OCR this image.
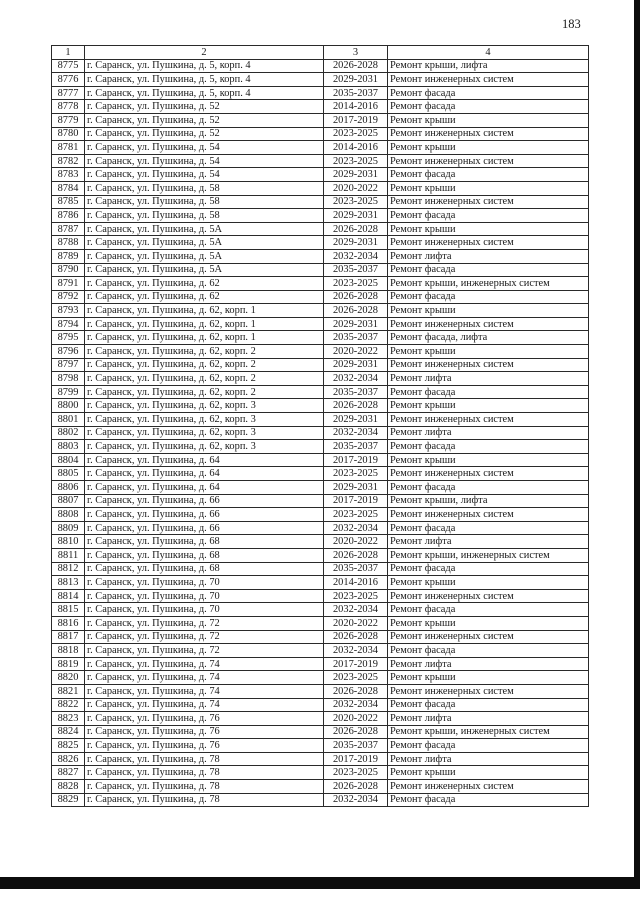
183
1	2	3	4
8775	г. Саранск, ул. Пушкина, д. 5, корп. 4	2026-2028	Ремонт крыши, лифта
8776	г. Саранск, ул. Пушкина, д. 5, корп. 4	2029-2031	Ремонт инженерных систем
8777	г. Саранск, ул. Пушкина, д. 5, корп. 4	2035-2037	Ремонт фасада
8778	г. Саранск, ул. Пушкина, д. 52	2014-2016	Ремонт фасада
8779	г. Саранск, ул. Пушкина, д. 52	2017-2019	Ремонт крыши
8780	г. Саранск, ул. Пушкина, д. 52	2023-2025	Ремонт инженерных систем
8781	г. Саранск, ул. Пушкина, д. 54	2014-2016	Ремонт крыши
8782	г. Саранск, ул. Пушкина, д. 54	2023-2025	Ремонт инженерных систем
8783	г. Саранск, ул. Пушкина, д. 54	2029-2031	Ремонт фасада
8784	г. Саранск, ул. Пушкина, д. 58	2020-2022	Ремонт крыши
8785	г. Саранск, ул. Пушкина, д. 58	2023-2025	Ремонт инженерных систем
8786	г. Саранск, ул. Пушкина, д. 58	2029-2031	Ремонт фасада
8787	г. Саранск, ул. Пушкина, д. 5А	2026-2028	Ремонт крыши
8788	г. Саранск, ул. Пушкина, д. 5А	2029-2031	Ремонт инженерных систем
8789	г. Саранск, ул. Пушкина, д. 5А	2032-2034	Ремонт лифта
8790	г. Саранск, ул. Пушкина, д. 5А	2035-2037	Ремонт фасада
8791	г. Саранск, ул. Пушкина, д. 62	2023-2025	Ремонт крыши, инженерных систем
8792	г. Саранск, ул. Пушкина, д. 62	2026-2028	Ремонт фасада
8793	г. Саранск, ул. Пушкина, д. 62, корп. 1	2026-2028	Ремонт крыши
8794	г. Саранск, ул. Пушкина, д. 62, корп. 1	2029-2031	Ремонт инженерных систем
8795	г. Саранск, ул. Пушкина, д. 62, корп. 1	2035-2037	Ремонт фасада, лифта
8796	г. Саранск, ул. Пушкина, д. 62, корп. 2	2020-2022	Ремонт крыши
8797	г. Саранск, ул. Пушкина, д. 62, корп. 2	2029-2031	Ремонт инженерных систем
8798	г. Саранск, ул. Пушкина, д. 62, корп. 2	2032-2034	Ремонт лифта
8799	г. Саранск, ул. Пушкина, д. 62, корп. 2	2035-2037	Ремонт фасада
8800	г. Саранск, ул. Пушкина, д. 62, корп. 3	2026-2028	Ремонт крыши
8801	г. Саранск, ул. Пушкина, д. 62, корп. 3	2029-2031	Ремонт инженерных систем
8802	г. Саранск, ул. Пушкина, д. 62, корп. 3	2032-2034	Ремонт лифта
8803	г. Саранск, ул. Пушкина, д. 62, корп. 3	2035-2037	Ремонт фасада
8804	г. Саранск, ул. Пушкина, д. 64	2017-2019	Ремонт крыши
8805	г. Саранск, ул. Пушкина, д. 64	2023-2025	Ремонт инженерных систем
8806	г. Саранск, ул. Пушкина, д. 64	2029-2031	Ремонт фасада
8807	г. Саранск, ул. Пушкина, д. 66	2017-2019	Ремонт крыши, лифта
8808	г. Саранск, ул. Пушкина, д. 66	2023-2025	Ремонт инженерных систем
8809	г. Саранск, ул. Пушкина, д. 66	2032-2034	Ремонт фасада
8810	г. Саранск, ул. Пушкина, д. 68	2020-2022	Ремонт лифта
8811	г. Саранск, ул. Пушкина, д. 68	2026-2028	Ремонт крыши, инженерных систем
8812	г. Саранск, ул. Пушкина, д. 68	2035-2037	Ремонт фасада
8813	г. Саранск, ул. Пушкина, д. 70	2014-2016	Ремонт крыши
8814	г. Саранск, ул. Пушкина, д. 70	2023-2025	Ремонт инженерных систем
8815	г. Саранск, ул. Пушкина, д. 70	2032-2034	Ремонт фасада
8816	г. Саранск, ул. Пушкина, д. 72	2020-2022	Ремонт крыши
8817	г. Саранск, ул. Пушкина, д. 72	2026-2028	Ремонт инженерных систем
8818	г. Саранск, ул. Пушкина, д. 72	2032-2034	Ремонт фасада
8819	г. Саранск, ул. Пушкина, д. 74	2017-2019	Ремонт лифта
8820	г. Саранск, ул. Пушкина, д. 74	2023-2025	Ремонт крыши
8821	г. Саранск, ул. Пушкина, д. 74	2026-2028	Ремонт инженерных систем
8822	г. Саранск, ул. Пушкина, д. 74	2032-2034	Ремонт фасада
8823	г. Саранск, ул. Пушкина, д. 76	2020-2022	Ремонт лифта
8824	г. Саранск, ул. Пушкина, д. 76	2026-2028	Ремонт крыши, инженерных систем
8825	г. Саранск, ул. Пушкина, д. 76	2035-2037	Ремонт фасада
8826	г. Саранск, ул. Пушкина, д. 78	2017-2019	Ремонт лифта
8827	г. Саранск, ул. Пушкина, д. 78	2023-2025	Ремонт крыши
8828	г. Саранск, ул. Пушкина, д. 78	2026-2028	Ремонт инженерных систем
8829	г. Саранск, ул. Пушкина, д. 78	2032-2034	Ремонт фасада
